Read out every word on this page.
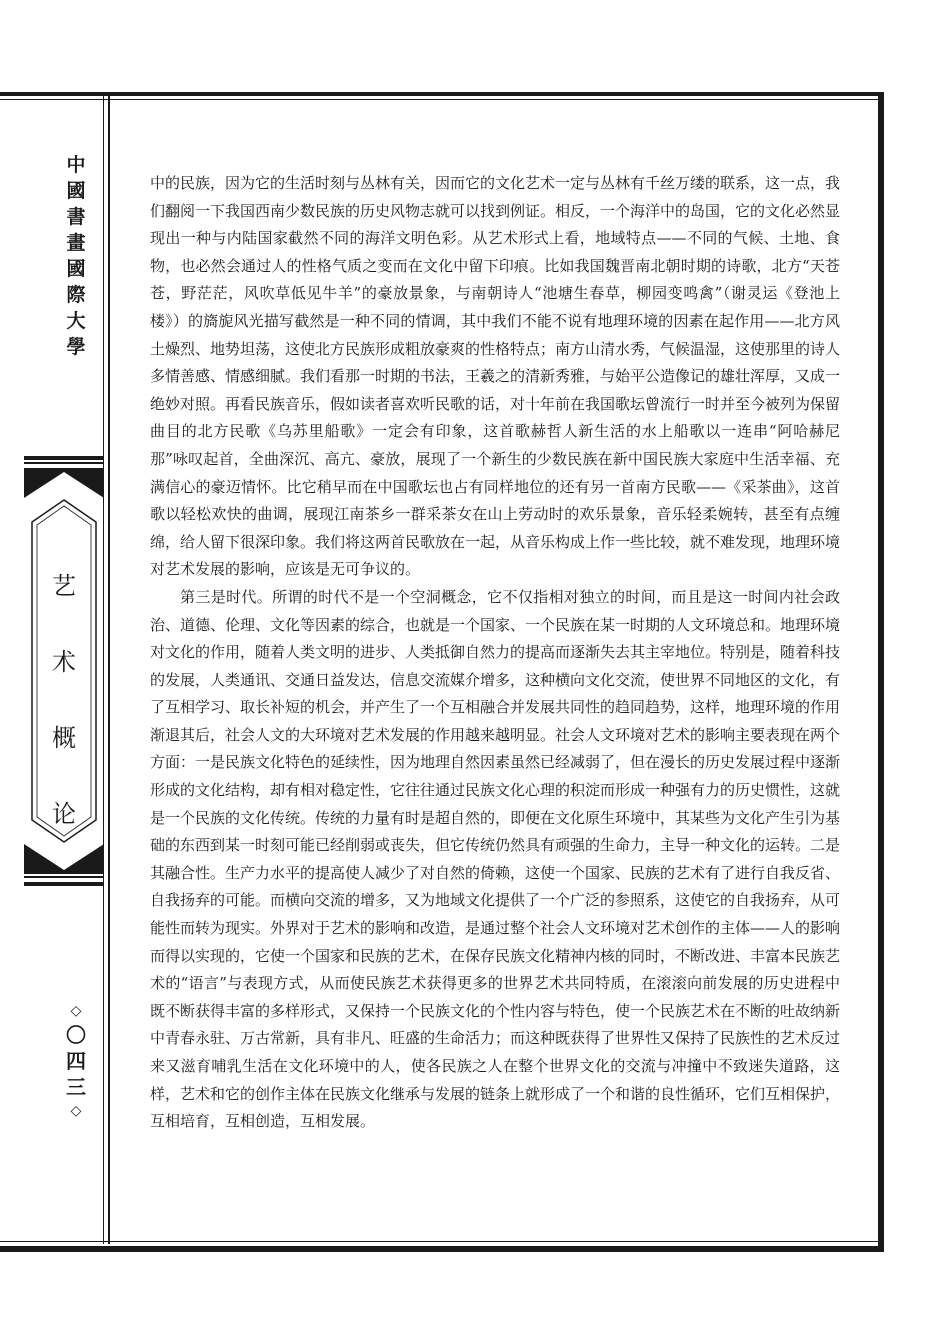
中
國
書
畫
國
際
大
學
艺
术
概
论
◇
〇
四
三
◇

中的民族，因为它的生活时刻与丛林有关，因而它的文化艺术一定与丛林有千丝万缕的联系，这一点，我们翻阅一下我国西南少数民族的历史风物志就可以找到例证。相反，一个海洋中的岛国，它的文化必然显现出一种与内陆国家截然不同的海洋文明色彩。从艺术形式上看，地域特点——不同的气候、土地、食物，也必然会通过人的性格气质之变而在文化中留下印痕。比如我国魏晋南北朝时期的诗歌，北方“天苍苍，野茫茫，风吹草低见牛羊”的豪放景象，与南朝诗人“池塘生春草，柳园变鸣禽”（谢灵运《登池上楼》）的旖旎风光描写截然是一种不同的情调，其中我们不能不说有地理环境的因素在起作用——北方风土燥烈、地势坦荡，这使北方民族形成粗放豪爽的性格特点；南方山清水秀，气候温湿，这使那里的诗人多情善感、情感细腻。我们看那一时期的书法，王羲之的清新秀雅，与始平公造像记的雄壮浑厚，又成一绝妙对照。再看民族音乐，假如读者喜欢听民歌的话，对十年前在我国歌坛曾流行一时并至今被列为保留曲目的北方民歌《乌苏里船歌》一定会有印象，这首歌赫哲人新生活的水上船歌以一连串“阿哈赫尼那”咏叹起首，全曲深沉、高亢、豪放，展现了一个新生的少数民族在新中国民族大家庭中生活幸福、充满信心的豪迈情怀。比它稍早而在中国歌坛也占有同样地位的还有另一首南方民歌——《采茶曲》，这首歌以轻松欢快的曲调，展现江南茶乡一群采茶女在山上劳动时的欢乐景象，音乐轻柔婉转，甚至有点缠绵，给人留下很深印象。我们将这两首民歌放在一起，从音乐构成上作一些比较，就不难发现，地理环境对艺术发展的影响，应该是无可争议的。

第三是时代。所谓的时代不是一个空洞概念，它不仅指相对独立的时间，而且是这一时间内社会政治、道德、伦理、文化等因素的综合，也就是一个国家、一个民族在某一时期的人文环境总和。地理环境对文化的作用，随着人类文明的进步、人类抵御自然力的提高而逐渐失去其主宰地位。特别是，随着科技的发展，人类通讯、交通日益发达，信息交流媒介增多，这种横向文化交流，使世界不同地区的文化，有了互相学习、取长补短的机会，并产生了一个互相融合并发展共同性的趋同趋势，这样，地理环境的作用渐退其后，社会人文的大环境对艺术发展的作用越来越明显。社会人文环境对艺术的影响主要表现在两个方面：一是民族文化特色的延续性，因为地理自然因素虽然已经减弱了，但在漫长的历史发展过程中逐渐形成的文化结构，却有相对稳定性，它往往通过民族文化心理的积淀而形成一种强有力的历史惯性，这就是一个民族的文化传统。传统的力量有时是超自然的，即便在文化原生环境中，其某些为文化产生引为基础的东西到某一时刻可能已经削弱或丧失，但它传统仍然具有顽强的生命力，主导一种文化的运转。二是其融合性。生产力水平的提高使人减少了对自然的倚赖，这使一个国家、民族的艺术有了进行自我反省、自我扬弃的可能。而横向交流的增多，又为地域文化提供了一个广泛的参照系，这使它的自我扬弃，从可能性而转为现实。外界对于艺术的影响和改造，是通过整个社会人文环境对艺术创作的主体——人的影响而得以实现的，它使一个国家和民族的艺术，在保存民族文化精神内核的同时，不断改进、丰富本民族艺术的“语言”与表现方式，从而使民族艺术获得更多的世界艺术共同特质，在滚滚向前发展的历史进程中既不断获得丰富的多样形式，又保持一个民族文化的个性内容与特色，使一个民族艺术在不断的吐故纳新中青春永驻、万古常新，具有非凡、旺盛的生命活力；而这种既获得了世界性又保持了民族性的艺术反过来又滋育哺乳生活在文化环境中的人，使各民族之人在整个世界文化的交流与冲撞中不致迷失道路，这样，艺术和它的创作主体在民族文化继承与发展的链条上就形成了一个和谐的良性循环，它们互相保护，互相培育，互相创造，互相发展。
